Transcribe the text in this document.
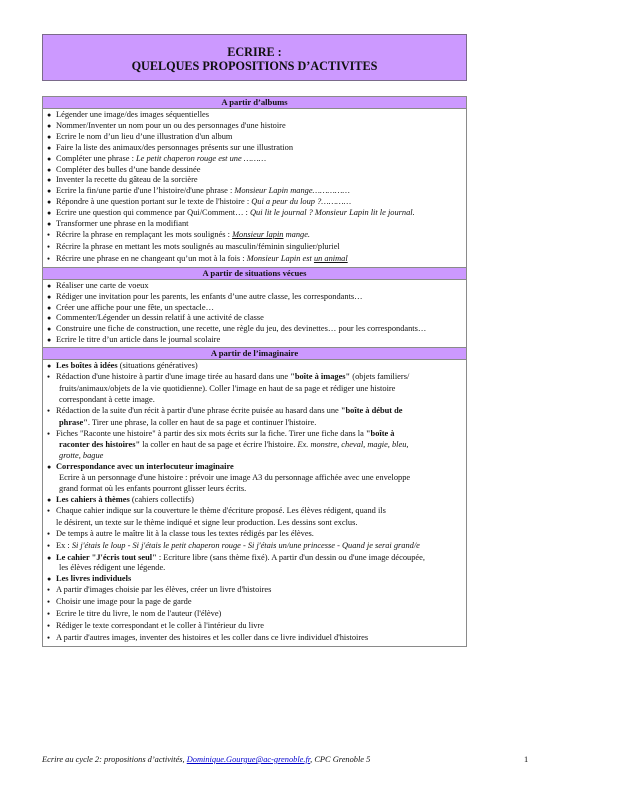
ECRIRE :
QUELQUES PROPOSITIONS D’ACTIVITES
A partir d’albums
● Légender une image/des images séquentielles
● Nommer/Inventer un nom pour un ou des personnages d'une histoire
● Ecrire le nom d’un lieu d’une illustration d'un album
● Faire la liste des animaux/des personnages présents sur une illustration
● Compléter une phrase : Le petit chaperon rouge est une ………
● Compléter des bulles d’une bande dessinée
● Inventer la recette du gâteau de la sorcière
● Ecrire la fin/une partie d'une l’histoire/d'une phrase : Monsieur Lapin mange……………
● Répondre à une question portant sur le texte de l'histoire : Qui a peur du loup ?…………
● Ecrire une question qui commence par Qui/Comment… : Qui lit le journal ? Monsieur Lapin lit le journal.
● Transformer une phrase en la modifiant
● Récrire la phrase en remplaçant les mots soulignés : Monsieur lapin mange.
● Récrire la phrase en mettant les mots soulignés au masculin/féminin singulier/pluriel
● Récrire une phrase en ne changeant qu’un mot à la fois : Monsieur Lapin est un animal
A partir de situations vécues
● Réaliser une carte de voeux
● Rédiger une invitation pour les parents, les enfants d’une autre classe, les correspondants…
● Créer une affiche pour une fête, un spectacle…
● Commenter/Légender un dessin relatif à une activité de classe
● Construire une fiche de construction, une recette, une règle du jeu, des devinettes… pour les correspondants…
● Ecrire le titre d’un article dans le journal scolaire
A partir de l’imaginaire
● Les boîtes à idées (situations génératives)
● Rédaction d'une histoire à partir d'une image tirée au hasard dans une "boîte à images" (objets familiers/
fruits/animaux/objets de la vie quotidienne). Coller l'image en haut de sa page et rédiger une histoire
correspondant à cette image.
● Rédaction de la suite d'un récit à partir d'une phrase écrite puisée au hasard dans une "boîte à début de
phrase". Tirer une phrase, la coller en haut de sa page et continuer l'histoire.
● Fiches "Raconte une histoire" à partir des six mots écrits sur la fiche. Tirer une fiche dans la "boîte à
raconter des histoires" la coller en haut de sa page et écrire l'histoire. Ex. monstre, cheval, magie, bleu,
grotte, bague
● Correspondance avec un interlocuteur imaginaire
Ecrire à un personnage d'une histoire : prévoir une image A3 du personnage affichée avec une enveloppe
grand format où les enfants pourront glisser leurs écrits.
● Les cahiers à thèmes (cahiers collectifs)
● Chaque cahier indique sur la couverture le thème d'écriture proposé. Les élèves rédigent, quand ils
le désirent, un texte sur le thème indiqué et signe leur production. Les dessins sont exclus.
● De temps à autre le maître lit à la classe tous les textes rédigés par les élèves.
● Ex : Si j'étais le loup - Si j'étais le petit chaperon rouge - Si j'étais un/une princesse - Quand je serai grand/e
● Le cahier "J'écris tout seul" : Ecriture libre (sans thème fixé). A partir d'un dessin ou d'une image découpée,
les élèves rédigent une légende.
● Les livres individuels
● A partir d'images choisie par les élèves, créer un livre d'histoires
● Choisir une image pour la page de garde
● Ecrire le titre du livre, le nom de l'auteur (l'élève)
● Rédiger le texte correspondant et le coller à l'intérieur du livre
● A partir d'autres images, inventer des histoires et les coller dans ce livre individuel d'histoires
Ecrire au cycle 2: propositions d’activités, Dominique.Gourgue@ac-grenoble.fr, CPC Grenoble 5	1
